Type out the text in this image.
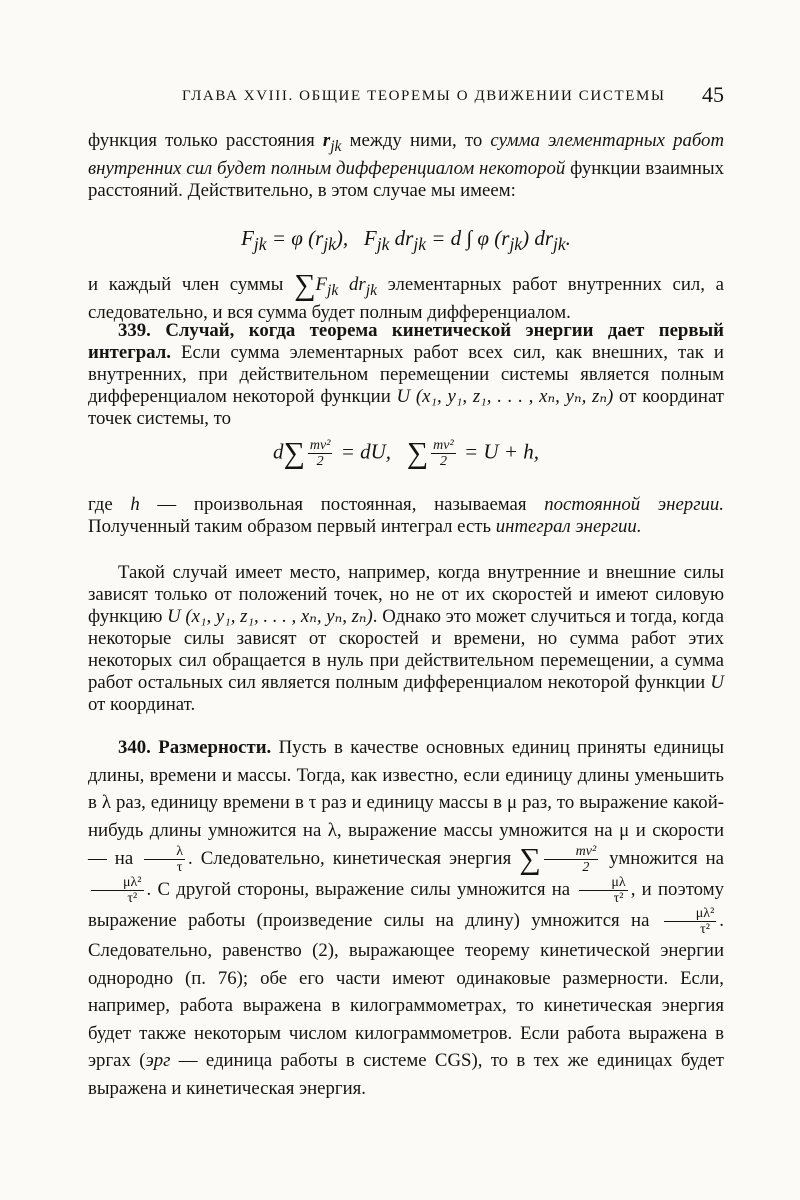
ГЛАВА XVIII. ОБЩИЕ ТЕОРЕМЫ О ДВИЖЕНИИ СИСТЕМЫ 45

функция только расстояния $r_{jk}$ между ними, то сумма элементарных работ внутренних сил будет полным дифференциалом некоторой функции взаимных расстояний. Действительно, в этом случае мы имеем:

$F_{jk} = \varphi$ $(r_{jk})$, $F_{jk}$ $dr_{jk} = d$ ∫ φ $(r_{jk})$ $dr_{jk}$.

и каждый член суммы $\sum F_{jk}$ $dr_{jk}$ элементарных работ внутренних сил, а следовательно, и вся сумма будет полным дифференциалом.

339. Случай, когда теорема кинетической энергии дает первый интеграл. Если сумма элементарных работ всех сил, как внешних, так и внутренних, при действительном перемещении системы является полным дифференциалом некоторой функции U (x₁, y₁, z₁, . . . , xₙ, yₙ, zₙ) от координат точек системы, то

$d\sum \frac{\text{mv²}}{2}$ = dU, ∑ $\frac{\text{mv²}}{2} = U + h$,

где h — произвольная постоянная, называемая постоянной энергии. Полученный таким образом первый интеграл есть интеграл энергии.

Такой случай имеет место, например, когда внутренние и внешние силы зависят только от положений точек, но не от их скоростей и имеют силовую функцию U (x₁, y₁, z₁, . . . , xₙ, yₙ, zₙ). Однако это может случиться и тогда, когда некоторые силы зависят от скоростей и времени, но сумма работ этих некоторых сил обращается в нуль при действительном перемещении, а сумма работ остальных сил является полным дифференциалом некоторой функции U от координат.

340. Размерности. Пусть в качестве основных единиц приняты единицы длины, времени и массы. Тогда, как известно, если единицу длины уменьшить в λ раз, единицу времени в τ раз и единицу массы в μ раз, то выражение какой-нибудь длины умножится на λ, выражение массы умножится на μ и скорости — на $\frac{\lambda}{\tau}$ . Следовательно, кинетическая энергия ∑ $\frac{\text{mv²}}{2}$ умножится на
$\frac{\text{μλ²}}{\text{τ²}}$ . С другой стороны, выражение силы умножится на $\frac{\mu\lambda}{\text{τ²}}$ , и поэтому выражение работы (произведение силы на длину) умножится на $\frac{\text{μλ²}}{\text{τ²}}$ . Следовательно, равенство (2), выражающее теорему кинетической энергии однородно (п. 76); обе его части имеют одинаковые размерности. Если, например, работа выражена в килограммометрах, то кинетическая энергия будет также некоторым числом килограммометров. Если работа выражена в эргах (эрг — единица работы в системе CGS), то в тех же единицах будет выражена и кинетическая энергия.
